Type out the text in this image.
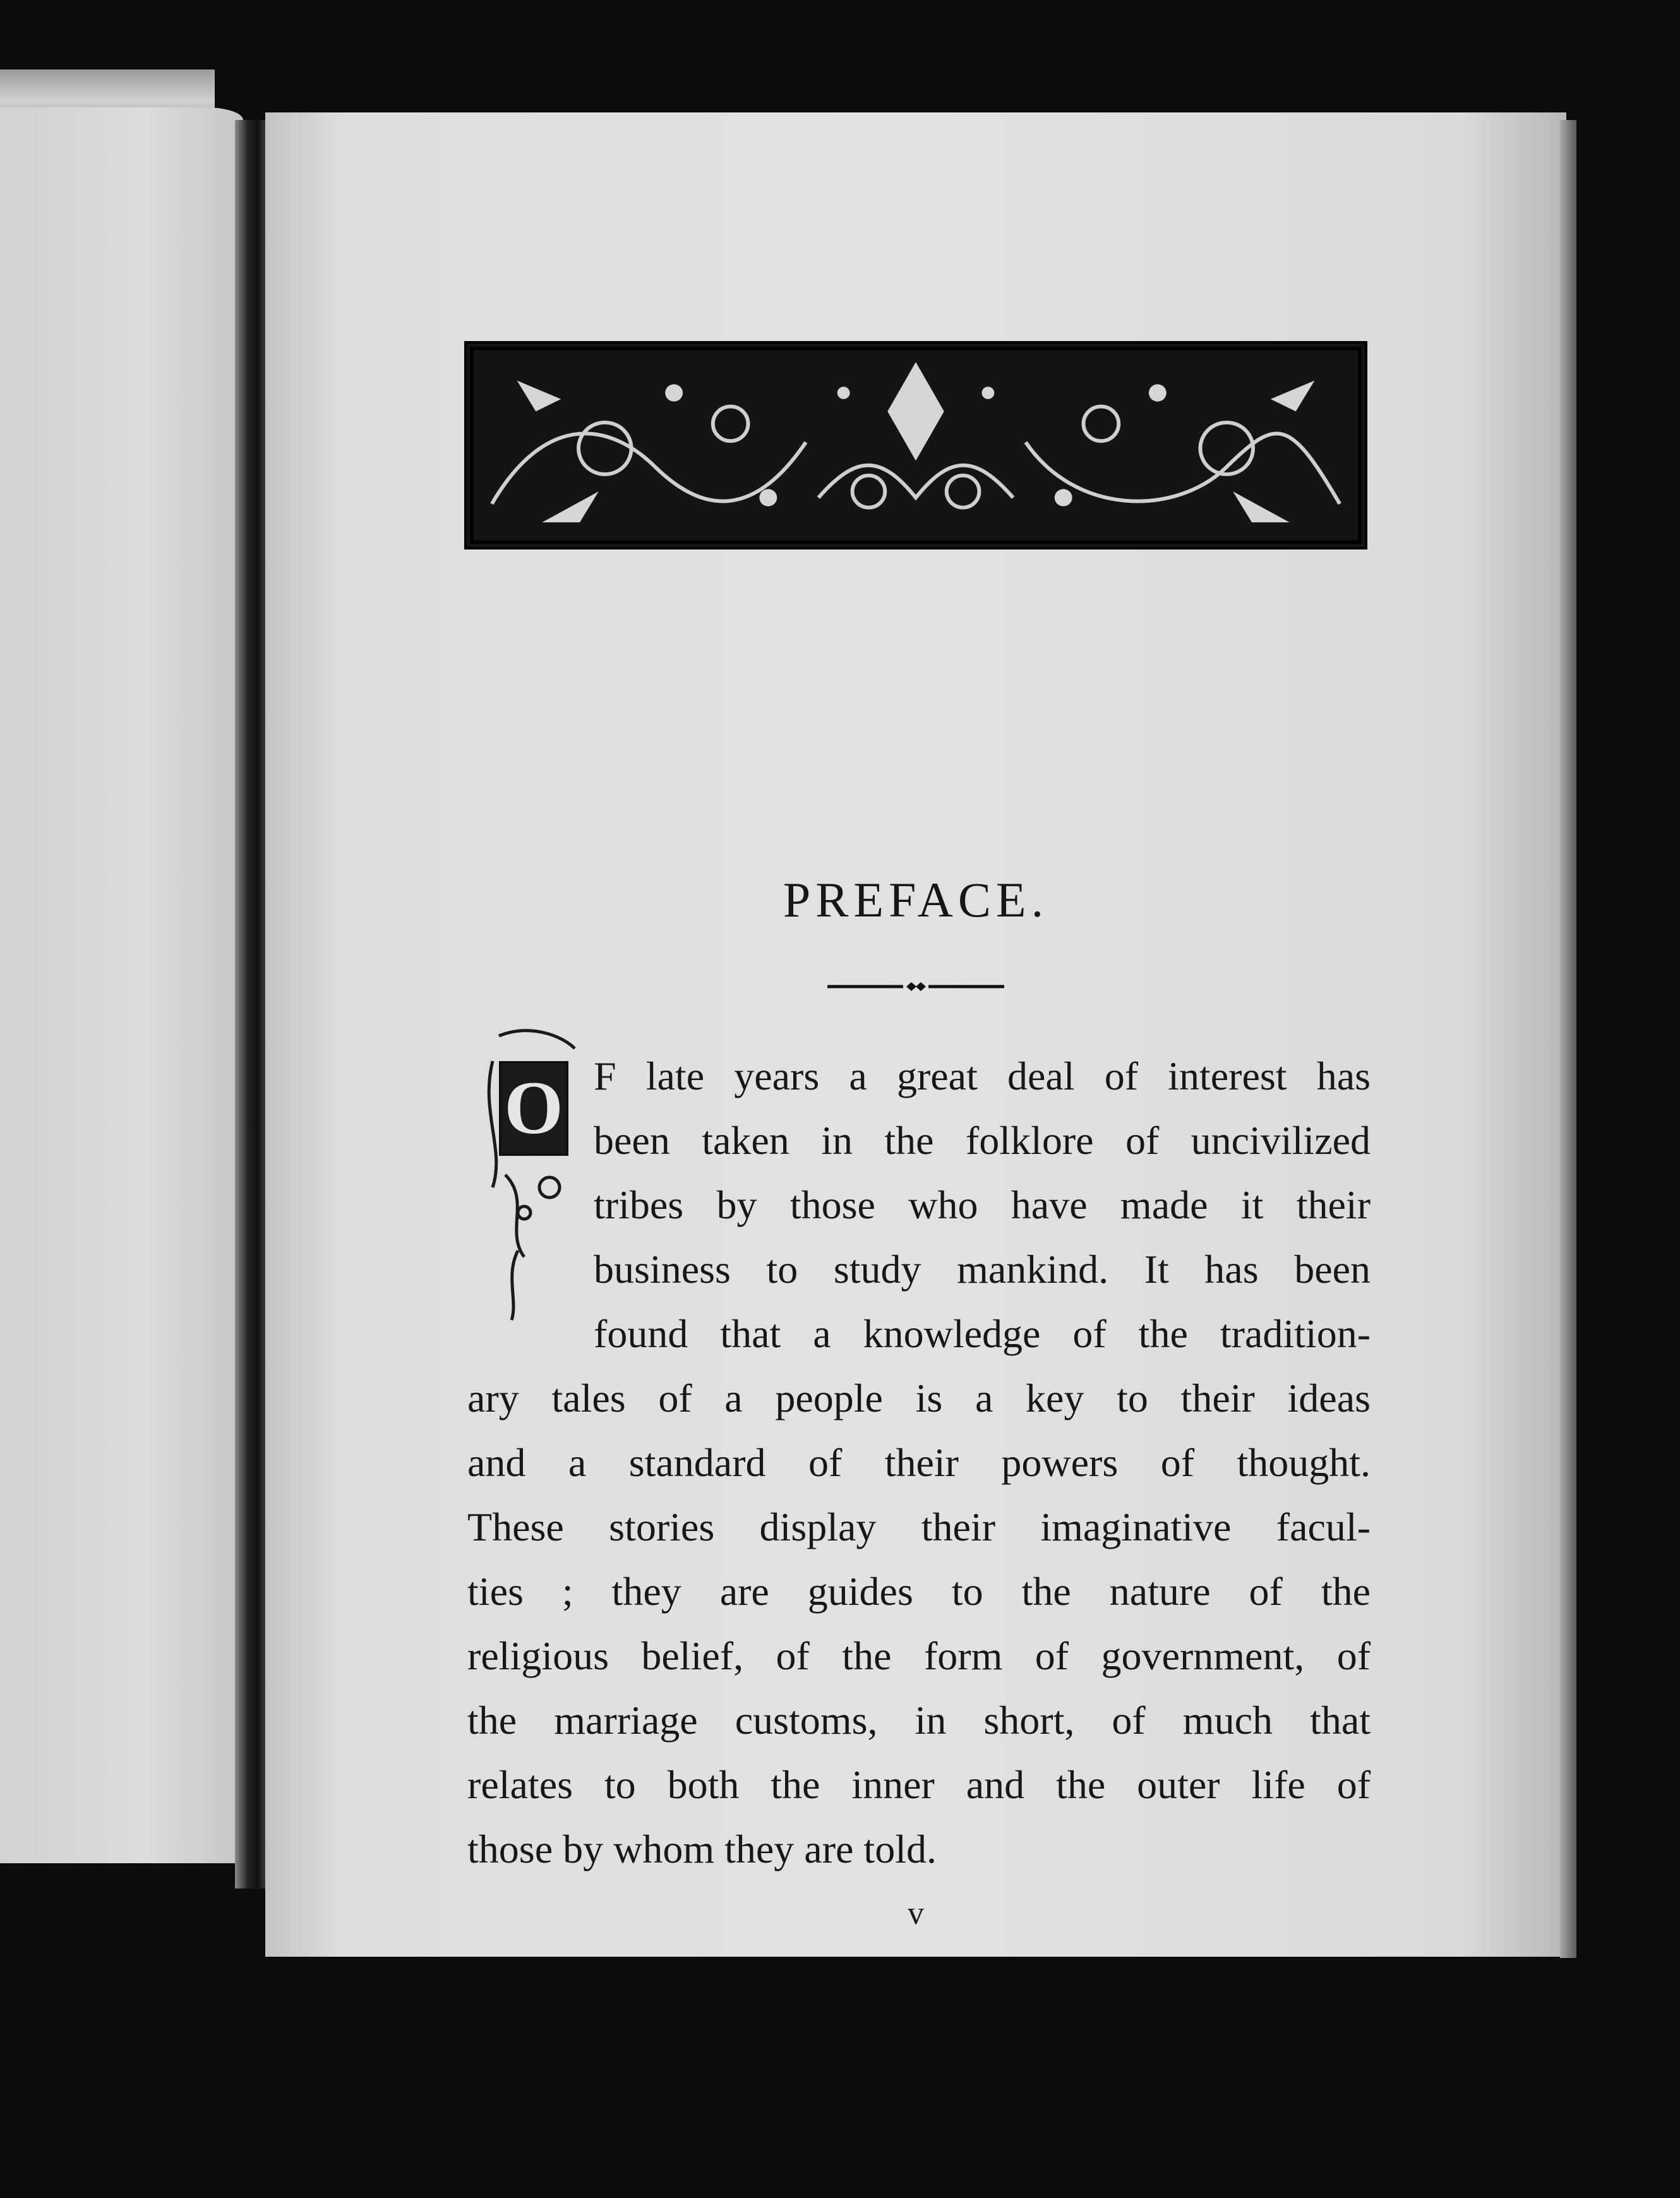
PREFACE.
O F late years a great deal of interest has

been taken in the folklore of uncivilized

tribes by those who have made it their

business to study mankind. It has been

found that a knowledge of the tradition-

ary tales of a people is a key to their ideas

and a standard of their powers of thought.

These stories display their imaginative facul-

ties ; they are guides to the nature of the

religious belief, of the form of government, of

the marriage customs, in short, of much that

relates to both the inner and the outer life of

those by whom they are told.

v
